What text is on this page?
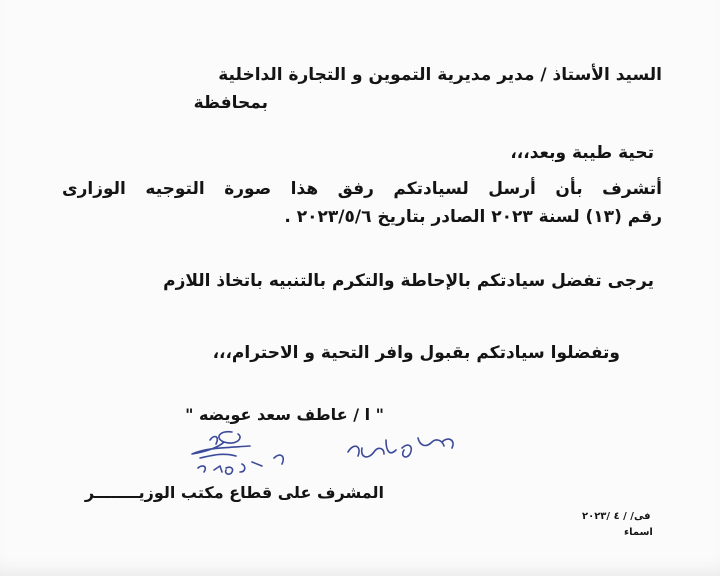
السيد الأستاذ / مدير مديرية التموين و التجارة الداخلية
بمحافظة
تحية طيبة وبعد،،،
أتشرف بأن أرسل لسيادتكم رفق هذا صورة التوجيه الوزارى
رقم (١٣) لسنة ٢٠٢٣ الصادر بتاريخ ٢٠٢٣/٥/٦ .
يرجى تفضل سيادتكم بالإحاطة والتكرم بالتنبيه باتخاذ اللازم
وتفضلوا سيادتكم بقبول وافر التحية و الاحترام،،،
" ا / عاطف سعد عويضه "
المشرف على قطاع مكتب الوزيــــــــر
فى/ / ٤ /٢٠٢٣
اسماء
